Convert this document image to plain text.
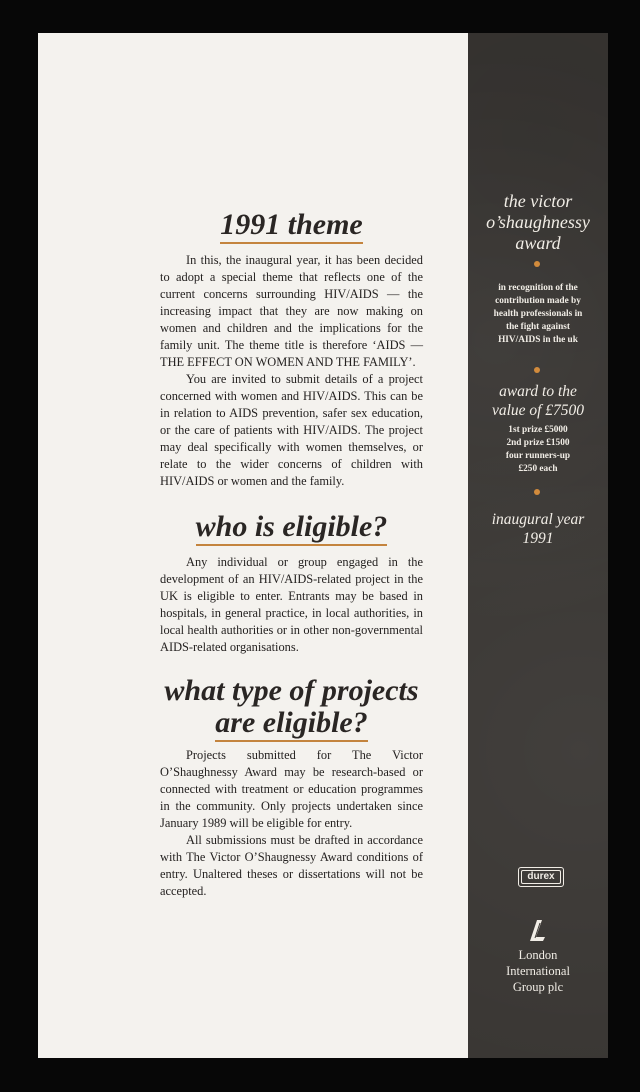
1991 theme

In this, the inaugural year, it has been decided to adopt a special theme that reflects one of the current concerns surrounding HIV/AIDS — the increasing impact that they are now making on women and children and the implications for the family unit. The theme title is therefore ‘AIDS — THE EFFECT ON WOMEN AND THE FAMILY’.

You are invited to submit details of a project concerned with women and HIV/AIDS. This can be in relation to AIDS prevention, safer sex education, or the care of patients with HIV/AIDS. The project may deal specifically with women themselves, or relate to the wider concerns of children with HIV/AIDS or women and the family.

who is eligible?

Any individual or group engaged in the development of an HIV/AIDS-related project in the UK is eligible to enter. Entrants may be based in hospitals, in general practice, in local authorities, in local health authorities or in other non-governmental AIDS-related organisations.

what type of projects
are eligible?

Projects submitted for The Victor O’Shaughnessy Award may be research-based or connected with treatment or education programmes in the community. Only projects undertaken since January 1989 will be eligible for entry.

All submissions must be drafted in accordance with The Victor O’Shaugnessy Award conditions of entry. Unaltered theses or dissertations will not be accepted.

the victor
o’shaughnessy
award
in recognition of the
contribution made by
health professionals in
the fight against
HIV/AIDS in the uk
award to the
value of £7500
1st prize £5000
2nd prize £1500
four runners-up
£250 each
inaugural year
1991
durex
London
International
Group plc
